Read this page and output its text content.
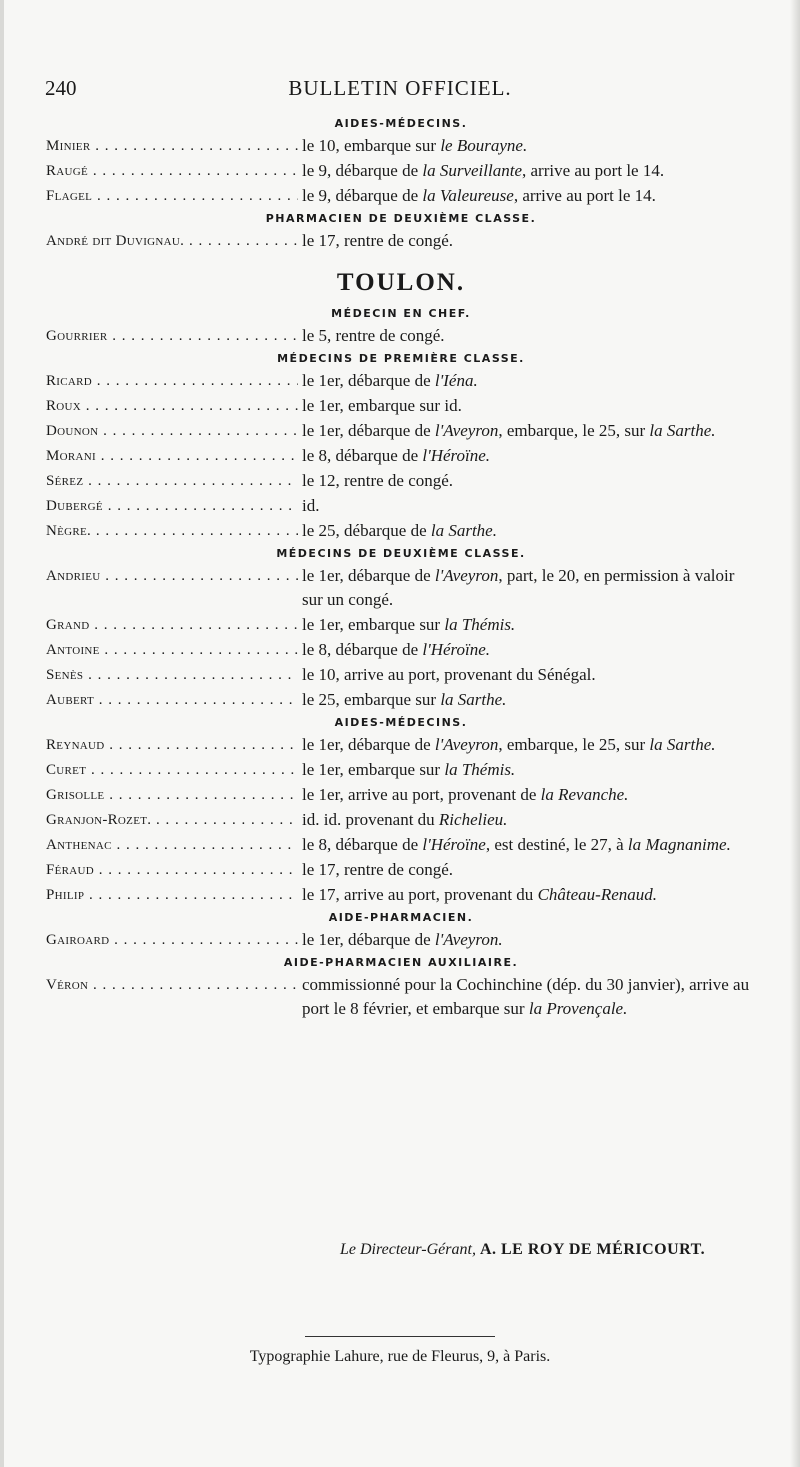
240	BULLETIN OFFICIEL.
AIDES-MÉDECINS.
Minier . . .	le 10, embarque sur le Bourayne.
Raugé . . .	le 9, débarque de la Surveillante, arrive au port le 14.
Flagel . . .	le 9, débarque de la Valeureuse, arrive au port le 14.
PHARMACIEN DE DEUXIÈME CLASSE.
André dit Duvignau. . . .	le 17, rentre de congé.
TOULON.
MÉDECIN EN CHEF.
Gourrier . . .	le 5, rentre de congé.
MÉDECINS DE PREMIÈRE CLASSE.
Ricard . . .	le 1er, débarque de l'Iéna.
Roux . . .	le 1er, embarque sur id.
Dounon . . .	le 1er, débarque de l'Aveyron, embarque, le 25, sur la Sarthe.
Morani . . .	le 8, débarque de l'Héroïne.
Sérez . . .	le 12, rentre de congé.
Dubergé . . .	id.
Nègre. . . .	le 25, débarque de la Sarthe.
MÉDECINS DE DEUXIÈME CLASSE.
Andrieu . . .	le 1er, débarque de l'Aveyron, part, le 20, en permission à valoir sur un congé.
Grand . . .	le 1er, embarque sur la Thémis.
Antoine . . .	le 8, débarque de l'Héroïne.
Senès . . .	le 10, arrive au port, provenant du Sénégal.
Aubert . . .	le 25, embarque sur la Sarthe.
AIDES-MÉDECINS.
Reynaud . . .	le 1er, débarque de l'Aveyron, embarque, le 25, sur la Sarthe.
Curet . . .	le 1er, embarque sur la Thémis.
Grisolle . . .	le 1er, arrive au port, provenant de la Revanche.
Granjon-Rozet. . . .	id. id. provenant du Richelieu.
Anthenac . . .	le 8, débarque de l'Héroïne, est destiné, le 27, à la Magnanime.
Féraud . . .	le 17, rentre de congé.
Philip . . .	le 17, arrive au port, provenant du Château-Renaud.
AIDE-PHARMACIEN.
Gairoard . . .	le 1er, débarque de l'Aveyron.
AIDE-PHARMACIEN AUXILIAIRE.
Véron . . .	commissionné pour la Cochinchine (dép. du 30 janvier), arrive au port le 8 février, et embarque sur la Provençale.
Le Directeur-Gérant, A. LE ROY DE MÉRICOURT.
Typographie Lahure, rue de Fleurus, 9, à Paris.
